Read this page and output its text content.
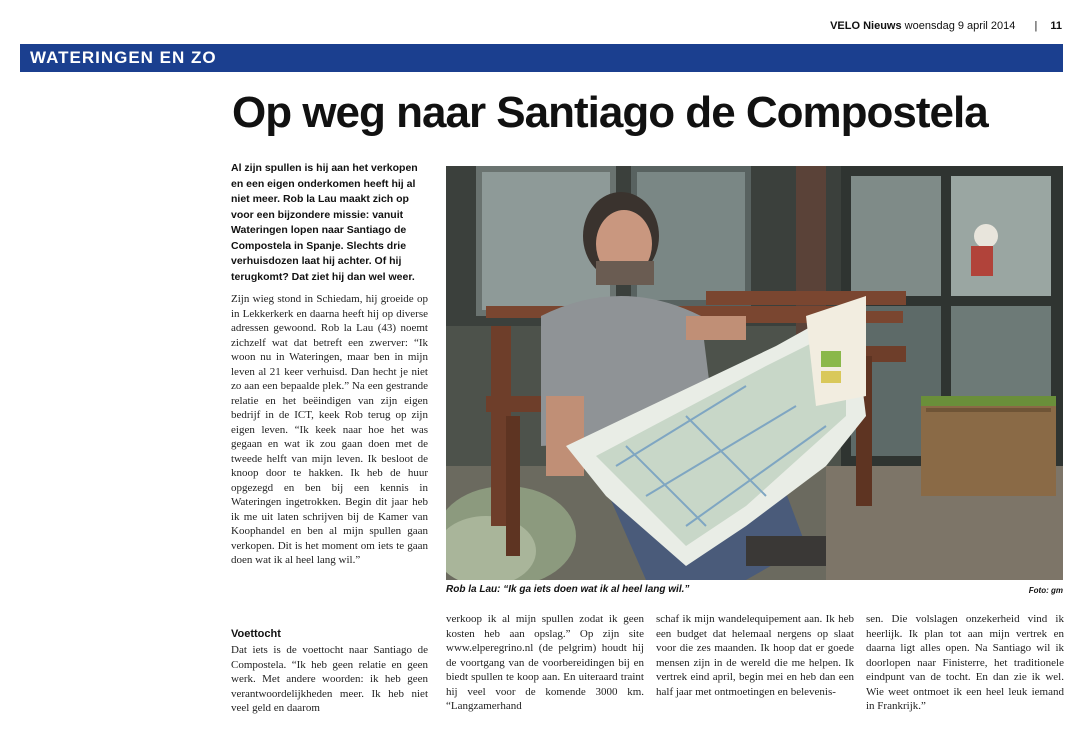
VELO Nieuws woensdag 9 april 2014 | 11
WATERINGEN EN ZO
Op weg naar Santiago de Compostela

Al zijn spullen is hij aan het verkopen en een eigen onderkomen heeft hij al niet meer. Rob la Lau maakt zich op voor een bijzondere missie: vanuit Wateringen lopen naar Santiago de Compostela in Spanje. Slechts drie verhuisdozen laat hij achter. Of hij terugkomt? Dat ziet hij dan wel weer.

Zijn wieg stond in Schiedam, hij groeide op in Lekkerkerk en daarna heeft hij op diverse adressen gewoond. Rob la Lau (43) noemt zichzelf wat dat betreft een zwerver: “Ik woon nu in Wateringen, maar ben in mijn leven al 21 keer verhuisd. Dan hecht je niet zo aan een bepaalde plek.” Na een gestrande relatie en het beëindigen van zijn eigen bedrijf in de ICT, keek Rob terug op zijn eigen leven. “Ik keek naar hoe het was gegaan en wat ik zou gaan doen met de tweede helft van mijn leven. Ik besloot de knoop door te hakken. Ik heb de huur opgezegd en ben bij een kennis in Wateringen ingetrokken. Begin dit jaar heb ik me uit laten schrijven bij de Kamer van Koophandel en ben al mijn spullen gaan verkopen. Dit is het moment om iets te gaan doen wat ik al heel lang wil.”

Voettocht

Dat iets is de voettocht naar Santiago de Compostela. “Ik heb geen relatie en geen werk. Met andere woorden: ik heb geen verantwoordelijkheden meer. Ik heb niet veel geld en daarom

Rob la Lau: “Ik ga iets doen wat ik al heel lang wil.”	Foto: gm

verkoop ik al mijn spullen zodat ik geen kosten heb aan opslag.” Op zijn site www.elperegrino.nl (de pelgrim) houdt hij de voortgang van de voorbereidingen bij en biedt spullen te koop aan. En uiteraard traint hij veel voor de komende 3000 km. “Langzamerhand

schaf ik mijn wandelequipement aan. Ik heb een budget dat helemaal nergens op slaat voor die zes maanden. Ik hoop dat er goede mensen zijn in de wereld die me helpen. Ik vertrek eind april, begin mei en heb dan een half jaar met ontmoetingen en belevenis-

sen. Die volslagen onzekerheid vind ik heerlijk. Ik plan tot aan mijn vertrek en daarna ligt alles open. Na Santiago wil ik doorlopen naar Finisterre, het traditionele eindpunt van de tocht. En dan zie ik wel. Wie weet ontmoet ik een heel leuk iemand in Frankrijk.”
